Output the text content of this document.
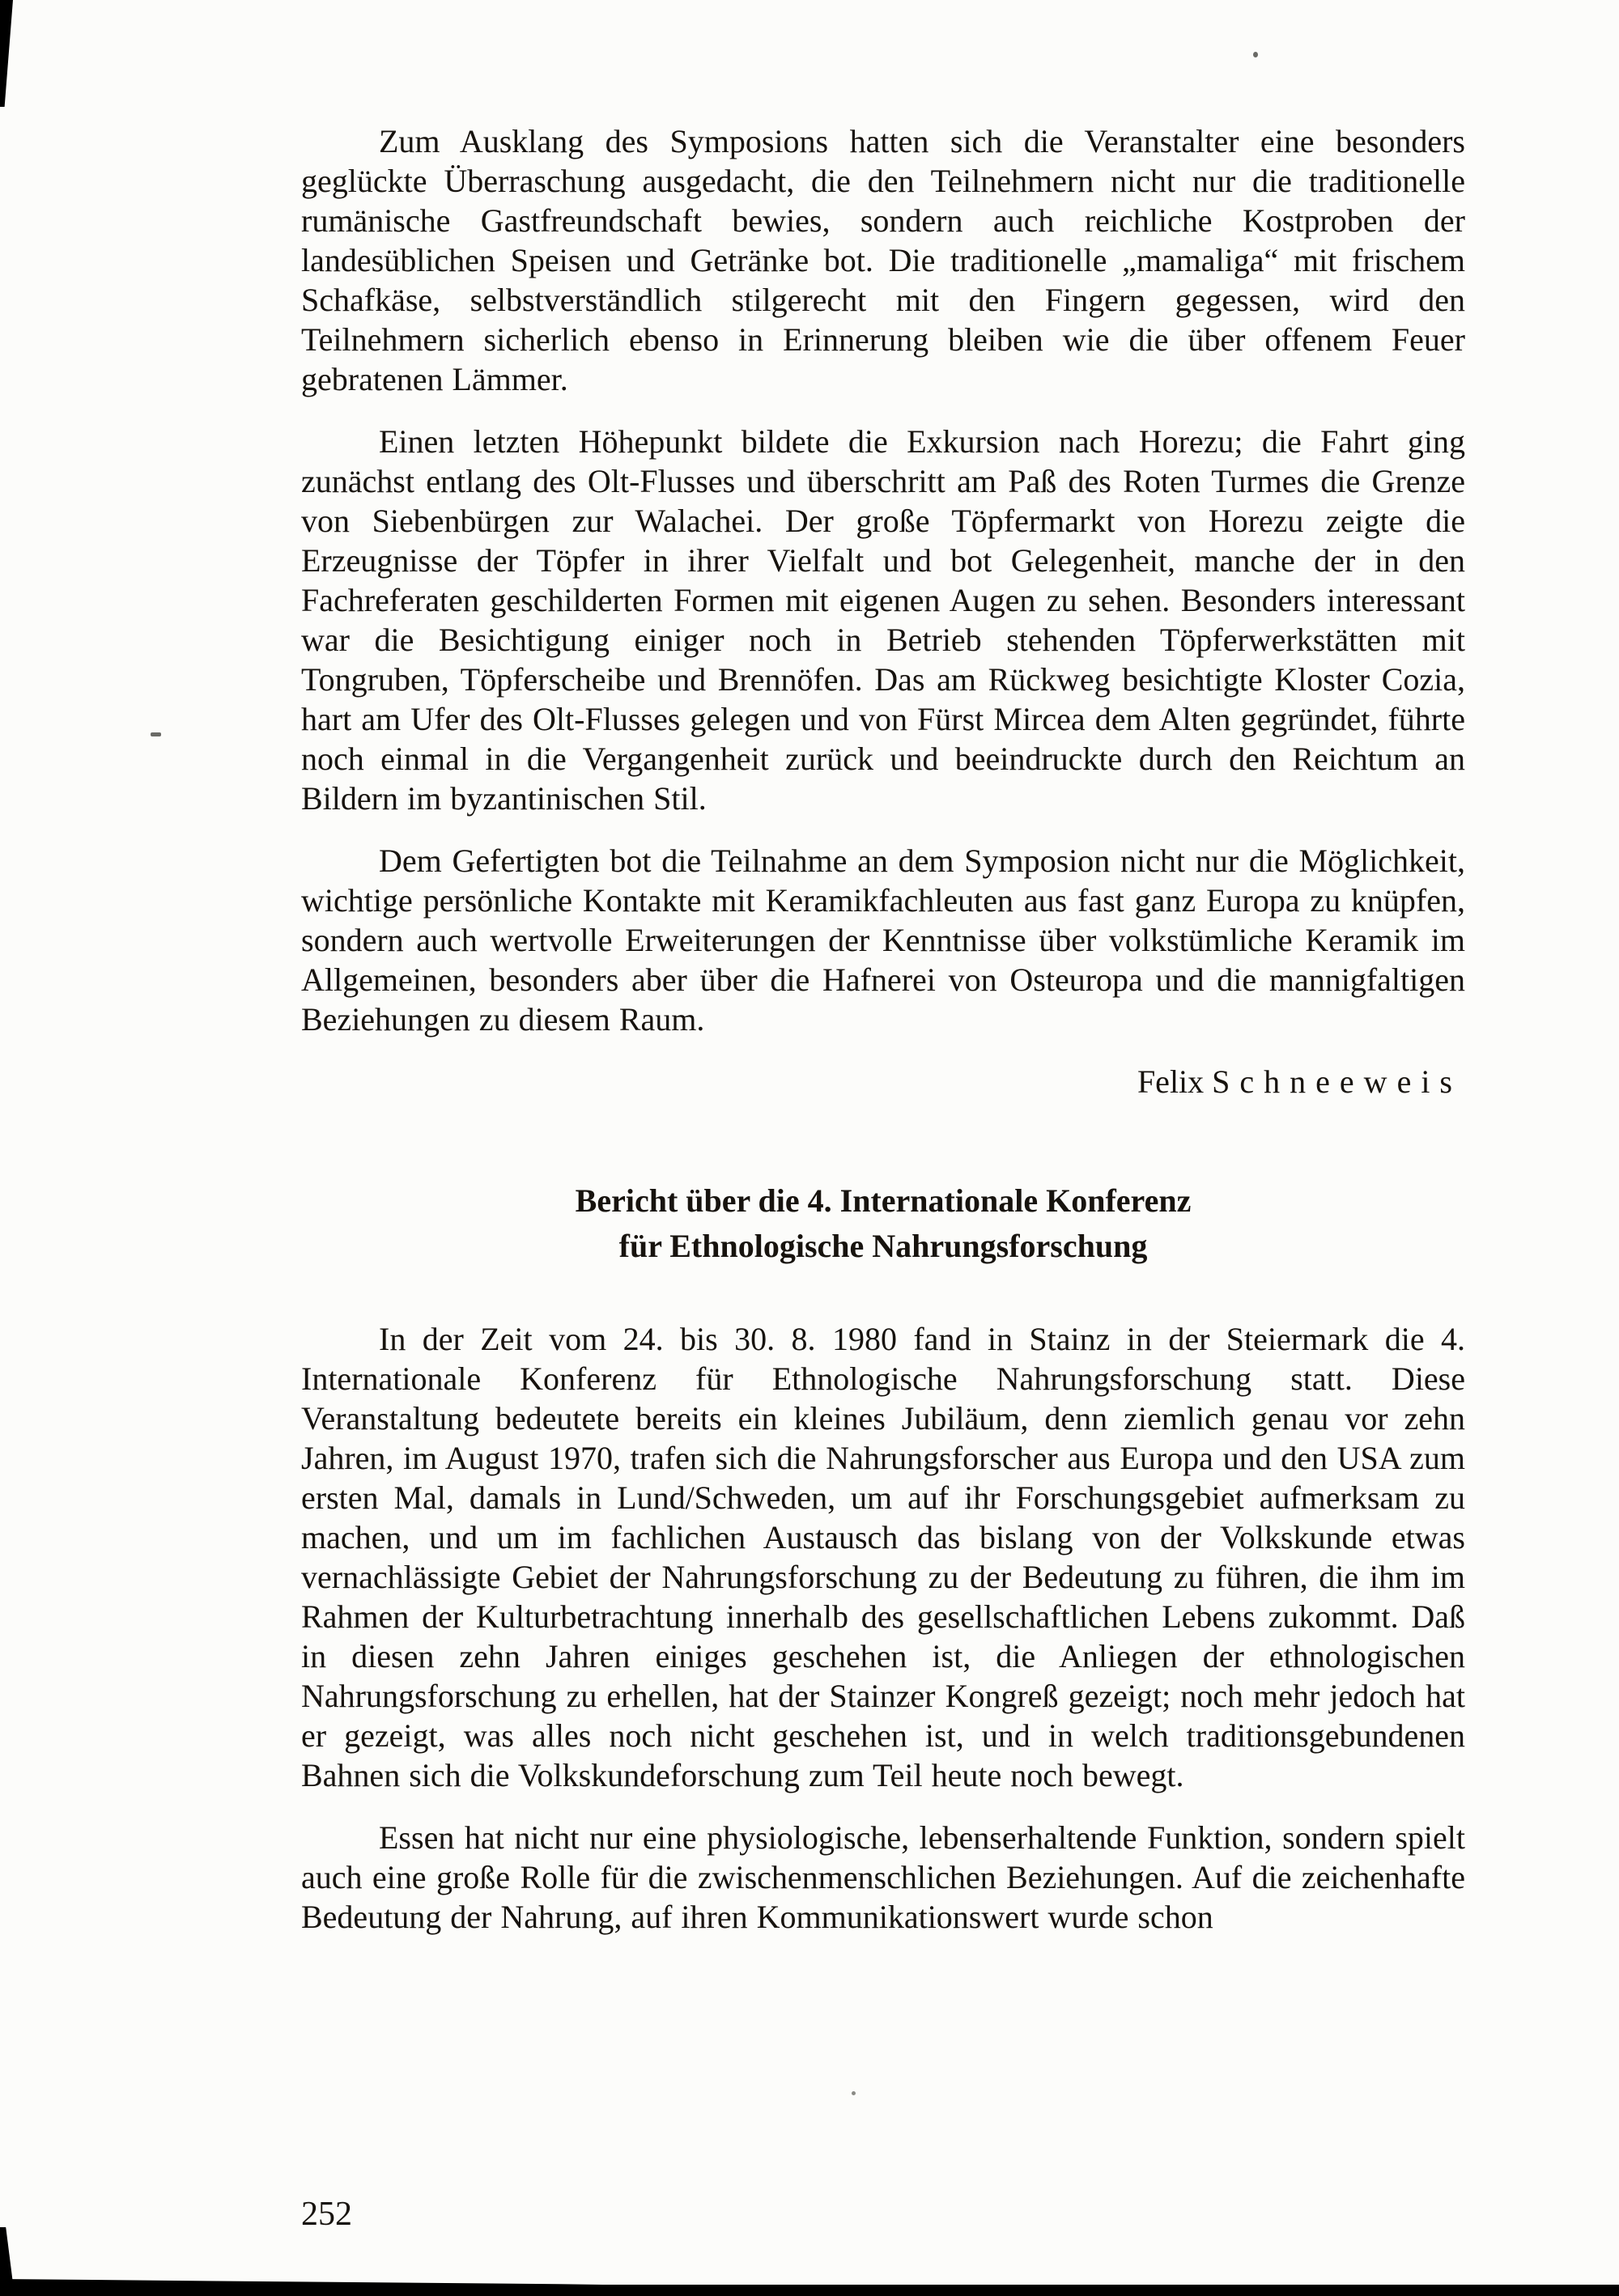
Zum Ausklang des Symposions hatten sich die Veranstalter eine besonders geglückte Überraschung ausgedacht, die den Teilnehmern nicht nur die traditionelle rumänische Gastfreundschaft bewies, sondern auch reichliche Kostproben der landesüblichen Speisen und Getränke bot. Die traditionelle „mamaliga“ mit frischem Schafkäse, selbstverständlich stilgerecht mit den Fingern gegessen, wird den Teilnehmern sicherlich ebenso in Erinnerung bleiben wie die über offenem Feuer gebratenen Lämmer.

Einen letzten Höhepunkt bildete die Exkursion nach Horezu; die Fahrt ging zunächst entlang des Olt-Flusses und überschritt am Paß des Roten Turmes die Grenze von Siebenbürgen zur Walachei. Der große Töpfermarkt von Horezu zeigte die Erzeugnisse der Töpfer in ihrer Vielfalt und bot Gelegenheit, manche der in den Fachreferaten geschilderten Formen mit eigenen Augen zu sehen. Besonders interessant war die Besichtigung einiger noch in Betrieb stehenden Töpferwerkstätten mit Tongruben, Töpferscheibe und Brennöfen. Das am Rückweg besichtigte Kloster Cozia, hart am Ufer des Olt-Flusses gelegen und von Fürst Mircea dem Alten gegründet, führte noch einmal in die Vergangenheit zurück und beeindruckte durch den Reichtum an Bildern im byzantinischen Stil.

Dem Gefertigten bot die Teilnahme an dem Symposion nicht nur die Möglichkeit, wichtige persönliche Kontakte mit Keramikfachleuten aus fast ganz Europa zu knüpfen, sondern auch wertvolle Erweiterungen der Kenntnisse über volkstümliche Keramik im Allgemeinen, besonders aber über die Hafnerei von Osteuropa und die mannigfaltigen Beziehungen zu diesem Raum.

Felix Schneeweis

Bericht über die 4. Internationale Konferenz
für Ethnologische Nahrungsforschung

In der Zeit vom 24. bis 30. 8. 1980 fand in Stainz in der Steiermark die 4. Internationale Konferenz für Ethnologische Nahrungsforschung statt. Diese Veranstaltung bedeutete bereits ein kleines Jubiläum, denn ziemlich genau vor zehn Jahren, im August 1970, trafen sich die Nahrungsforscher aus Europa und den USA zum ersten Mal, damals in Lund/Schweden, um auf ihr Forschungsgebiet aufmerksam zu machen, und um im fachlichen Austausch das bislang von der Volkskunde etwas vernachlässigte Gebiet der Nahrungsforschung zu der Bedeutung zu führen, die ihm im Rahmen der Kulturbetrachtung innerhalb des gesellschaftlichen Lebens zukommt. Daß in diesen zehn Jahren einiges geschehen ist, die Anliegen der ethnologischen Nahrungsforschung zu erhellen, hat der Stainzer Kongreß gezeigt; noch mehr jedoch hat er gezeigt, was alles noch nicht geschehen ist, und in welch traditionsgebundenen Bahnen sich die Volkskundeforschung zum Teil heute noch bewegt.

Essen hat nicht nur eine physiologische, lebenserhaltende Funktion, sondern spielt auch eine große Rolle für die zwischenmenschlichen Beziehungen. Auf die zeichenhafte Bedeutung der Nahrung, auf ihren Kommunikationswert wurde schon

252
